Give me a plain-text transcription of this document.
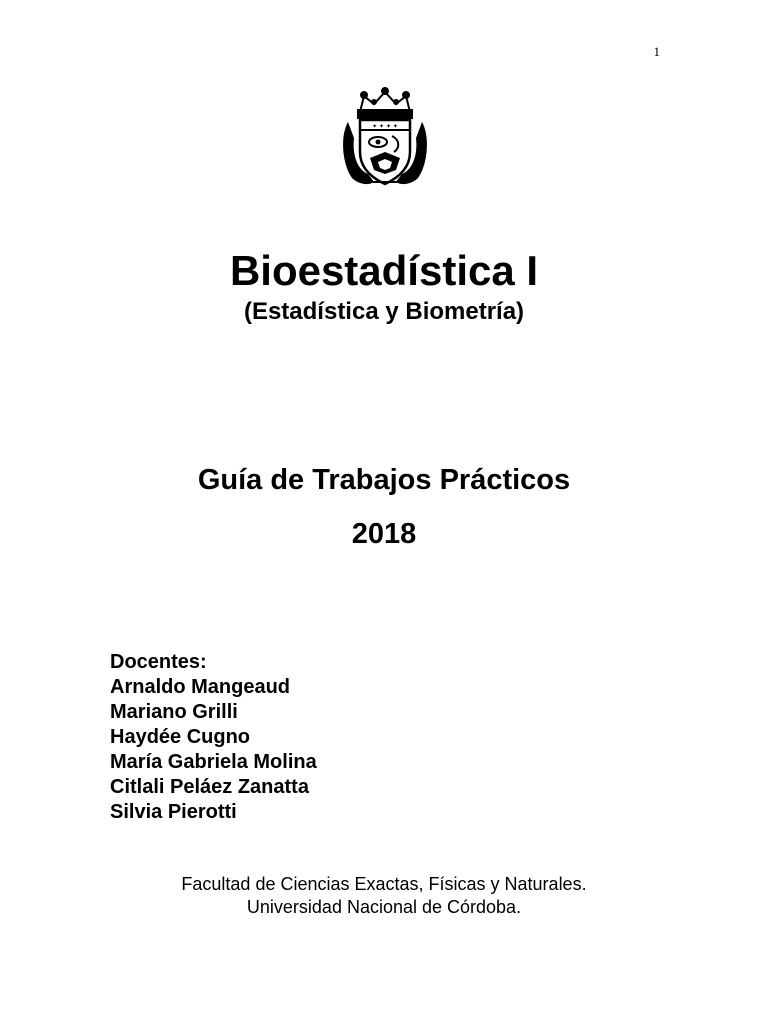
1
✦ ✦ ✦ ✦
Bioestadística I
(Estadística y Biometría)
Guía de Trabajos Prácticos
2018
Docentes:
Arnaldo Mangeaud
Mariano Grilli
Haydée Cugno
María Gabriela Molina
Citlali Peláez Zanatta
Silvia Pierotti
Facultad de Ciencias Exactas, Físicas y Naturales.
Universidad Nacional de Córdoba.
